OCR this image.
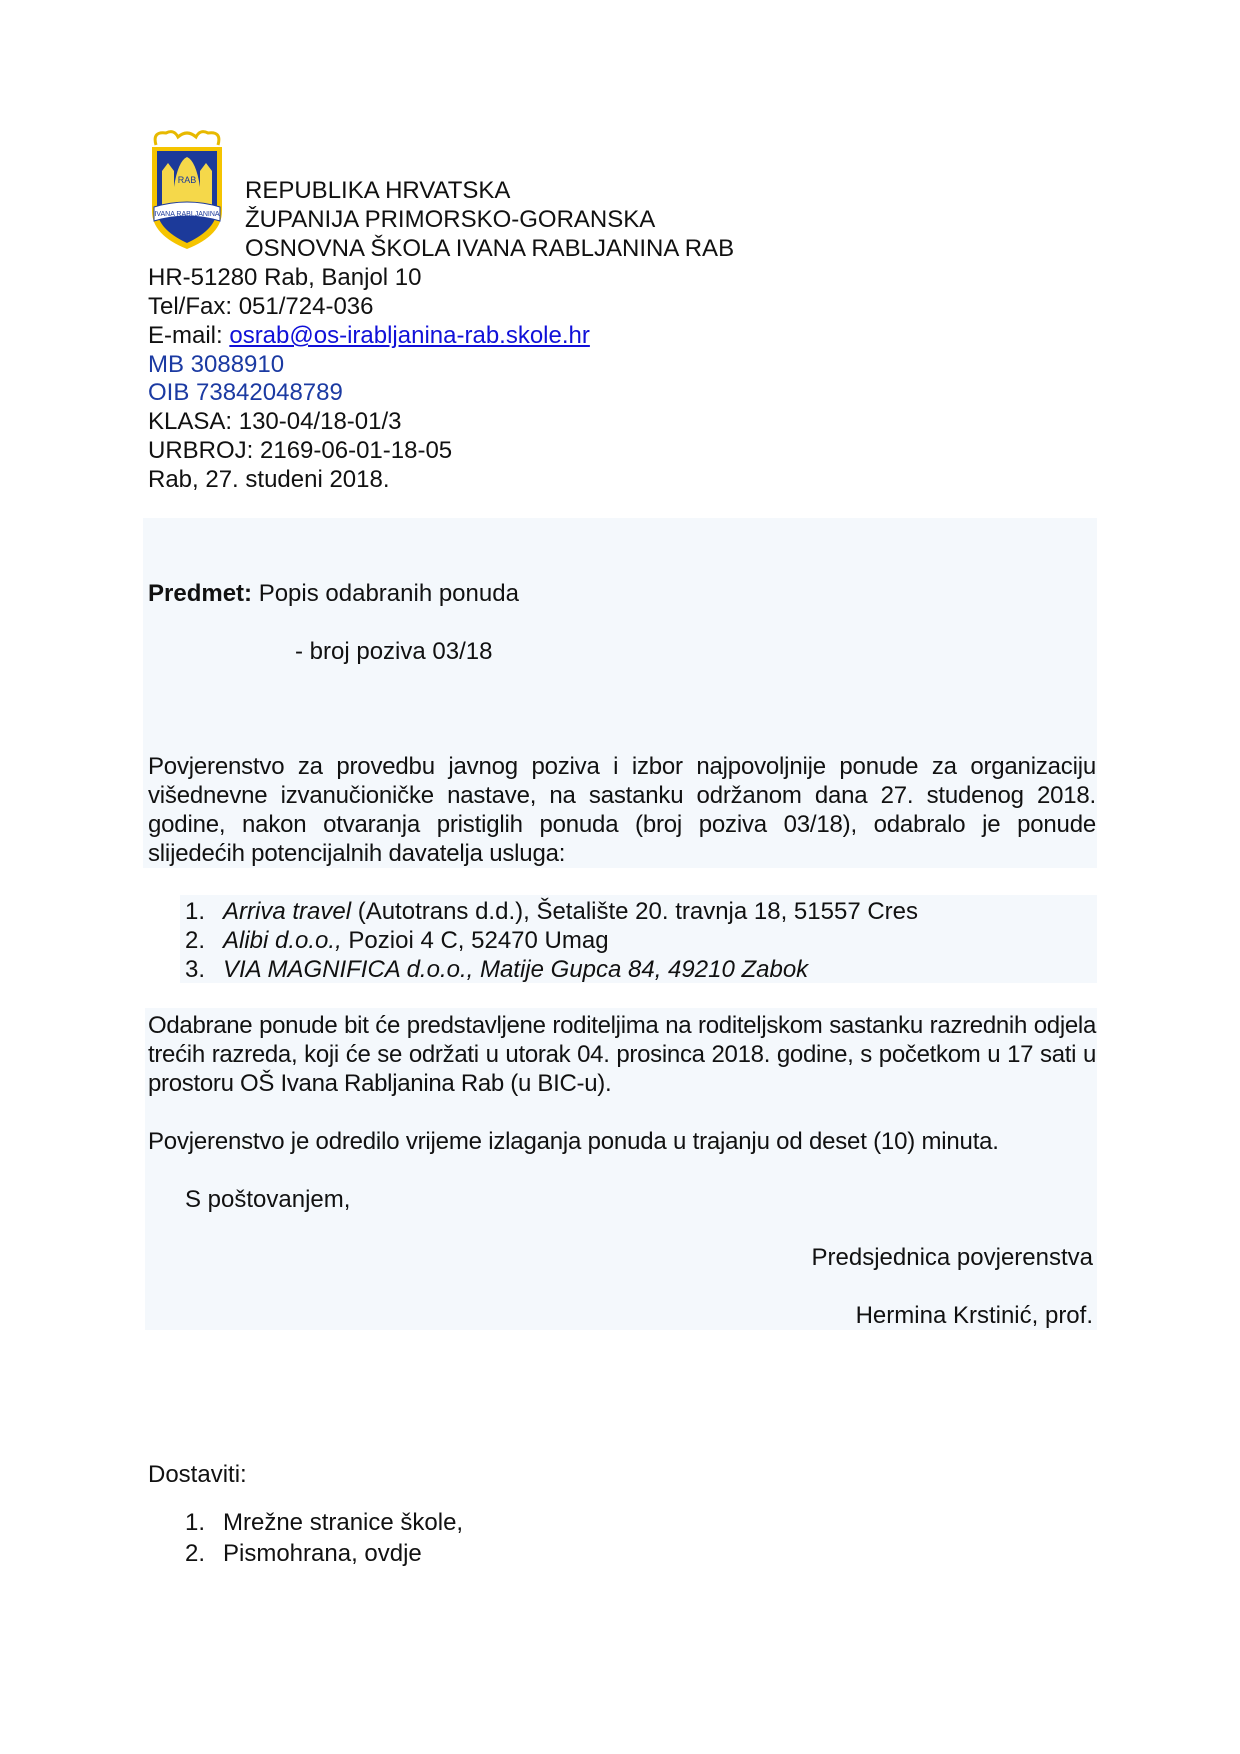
RAB
IVANA RABLJANINA
REPUBLIKA HRVATSKA
ŽUPANIJA PRIMORSKO-GORANSKA
OSNOVNA ŠKOLA IVANA RABLJANINA RAB
HR-51280 Rab, Banjol 10
Tel/Fax: 051/724-036
E-mail: osrab@os-irabljanina-rab.skole.hr
MB 3088910
OIB 73842048789
KLASA: 130-04/18-01/3
URBROJ: 2169-06-01-18-05
Rab, 27. studeni 2018.
Predmet: Popis odabranih ponuda
- broj poziva 03/18
Povjerenstvo za provedbu javnog poziva i izbor najpovoljnije ponude za organizaciju višednevne izvanučioničke nastave, na sastanku održanom dana 27. studenog 2018. godine, nakon otvaranja pristiglih ponuda (broj poziva 03/18), odabralo je ponude slijedećih potencijalnih davatelja usluga:
1. Arriva travel (Autotrans d.d.), Šetalište 20. travnja 18, 51557 Cres
2. Alibi d.o.o., Pozioi 4 C, 52470 Umag
3. VIA MAGNIFICA d.o.o., Matije Gupca 84, 49210 Zabok
Odabrane ponude bit će predstavljene roditeljima na roditeljskom sastanku razrednih odjela trećih razreda, koji će se održati u utorak 04. prosinca 2018. godine, s početkom u 17 sati u prostoru OŠ Ivana Rabljanina Rab (u BIC-u).
Povjerenstvo je odredilo vrijeme izlaganja ponuda u trajanju od deset (10) minuta.
S poštovanjem,
Predsjednica povjerenstva
Hermina Krstinić, prof.
Dostaviti:
1. Mrežne stranice škole,
2. Pismohrana, ovdje
